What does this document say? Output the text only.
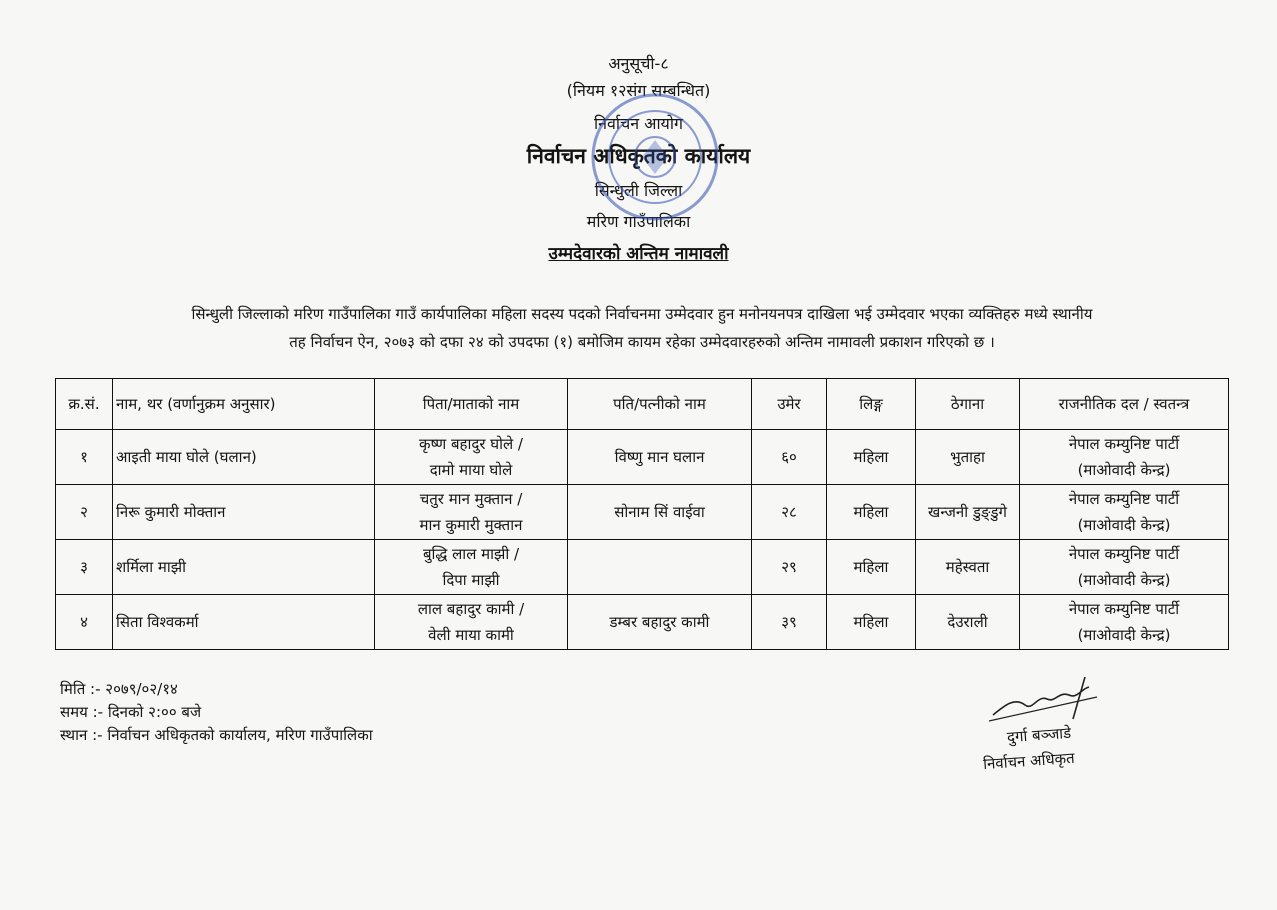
अनुसूची-८
(नियम १२संग सम्बन्धित)
निर्वाचन आयोग
निर्वाचन अधिकृतको कार्यालय
सिन्धुली जिल्ला
मरिण गाउँपालिका
उम्मदेवारको अन्तिम नामावली
सिन्धुली जिल्लाको मरिण गाउँपालिका गाउँ कार्यपालिका महिला सदस्य पदको निर्वाचनमा उम्मेदवार हुन मनोनयनपत्र दाखिला भई उम्मेदवार भएका व्यक्तिहरु मध्ये स्थानीय
तह निर्वाचन ऐन, २०७३ को दफा २४ को उपदफा (१) बमोजिम कायम रहेका उम्मेदवारहरुको अन्तिम नामावली प्रकाशन गरिएको छ ।
क्र.सं.	नाम, थर (वर्णानुक्रम अनुसार)	पिता/माताको नाम	पति/पत्नीको नाम	उमेर	लिङ्ग	ठेगाना	राजनीतिक दल / स्वतन्त्र
१	आइती माया घोले (घलान)	कृष्ण बहादुर घोले /
दामो माया घोले	विष्णु मान घलान	६०	महिला	भुताहा	नेपाल कम्युनिष्ट पार्टी
(माओवादी केन्द्र)

२	निरू कुमारी मोक्तान	चतुर मान मुक्तान /
मान कुमारी मुक्तान	सोनाम सिं वाईवा	२८	महिला	खन्जनी डुङ्डुगे	नेपाल कम्युनिष्ट पार्टी
(माओवादी केन्द्र)

३	शर्मिला माझी	बुद्धि लाल माझी /
दिपा माझी		२९	महिला	महेस्वता	नेपाल कम्युनिष्ट पार्टी
(माओवादी केन्द्र)

४	सिता विश्वकर्मा	लाल बहादुर कामी /
वेली माया कामी	डम्बर बहादुर कामी	३९	महिला	देउराली	नेपाल कम्युनिष्ट पार्टी
(माओवादी केन्द्र)
मिति :- २०७९/०२/१४
समय :- दिनको २:०० बजे
स्थान :- निर्वाचन अधिकृतको कार्यालय, मरिण गाउँपालिका	दुर्गा बञ्जाडे
निर्वाचन अधिकृत
